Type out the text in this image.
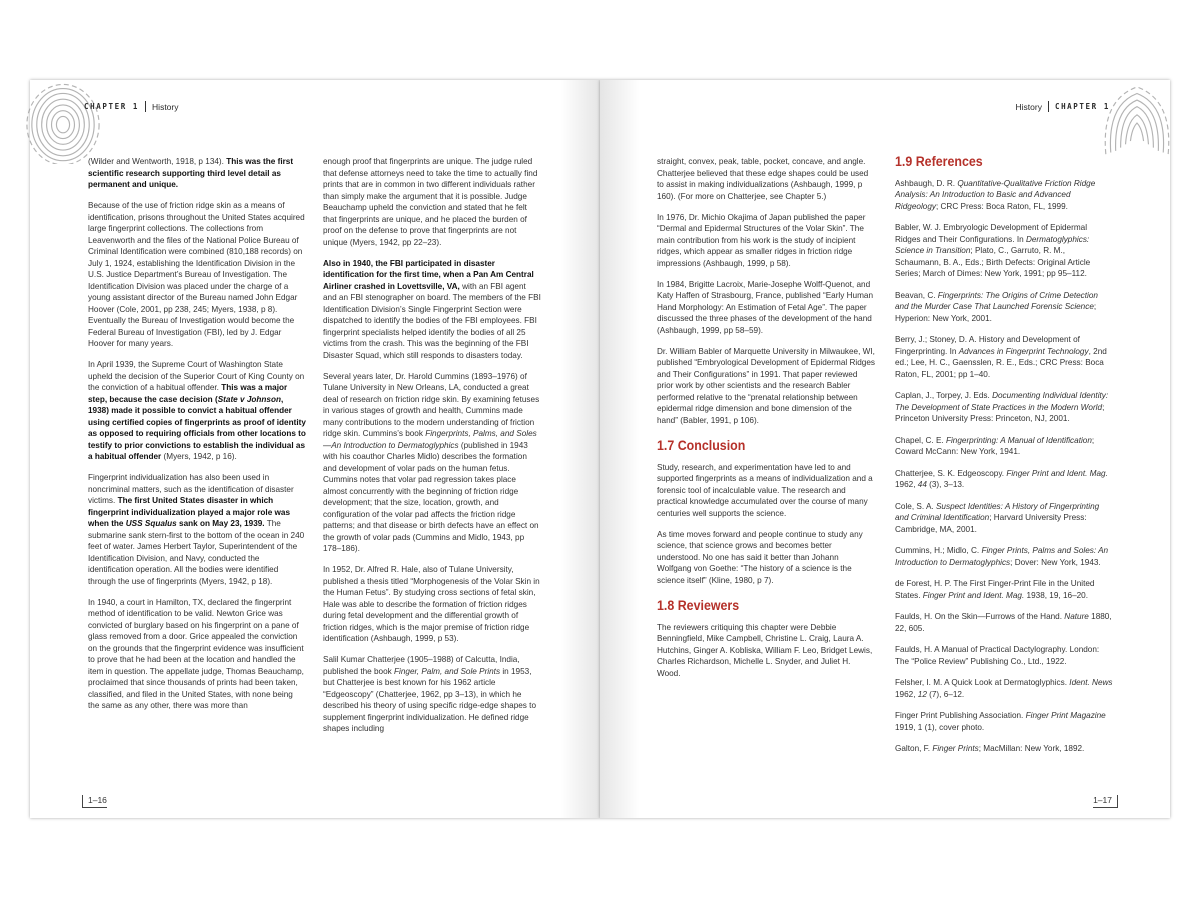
CHAPTER 1 History

(Wilder and Wentworth, 1918, p 134). This was the first scientific research supporting third level detail as permanent and unique.

Because of the use of friction ridge skin as a means of identification, prisons throughout the United States acquired large fingerprint collections. The collections from Leavenworth and the files of the National Police Bureau of Criminal Identification were combined (810,188 records) on July 1, 1924, establishing the Identification Division in the U.S. Justice Department’s Bureau of Investigation. The Identification Division was placed under the charge of a young assistant director of the Bureau named John Edgar Hoover (Cole, 2001, pp 238, 245; Myers, 1938, p 8). Eventually the Bureau of Investigation would become the Federal Bureau of Investigation (FBI), led by J. Edgar Hoover for many years.

In April 1939, the Supreme Court of Washington State upheld the decision of the Superior Court of King County on the conviction of a habitual offender. This was a major step, because the case decision (State v Johnson, 1938) made it possible to convict a habitual offender using certified copies of fingerprints as proof of identity as opposed to requiring officials from other locations to testify to prior convictions to establish the individual as a habitual offender (Myers, 1942, p 16).

Fingerprint individualization has also been used in noncriminal matters, such as the identification of disaster victims. The first United States disaster in which fingerprint individualization played a major role was when the USS Squalus sank on May 23, 1939. The submarine sank stern-first to the bottom of the ocean in 240 feet of water. James Herbert Taylor, Superintendent of the Identification Division, and Navy, conducted the identification operation. All the bodies were identified through the use of fingerprints (Myers, 1942, p 18).

In 1940, a court in Hamilton, TX, declared the fingerprint method of identification to be valid. Newton Grice was convicted of burglary based on his fingerprint on a pane of glass removed from a door. Grice appealed the conviction on the grounds that the fingerprint evidence was insufficient to prove that he had been at the location and handled the item in question. The appellate judge, Thomas Beauchamp, proclaimed that since thousands of prints had been taken, classified, and filed in the United States, with none being the same as any other, there was more than

enough proof that fingerprints are unique. The judge ruled that defense attorneys need to take the time to actually find prints that are in common in two different individuals rather than simply make the argument that it is possible. Judge Beauchamp upheld the conviction and stated that he felt that fingerprints are unique, and he placed the burden of proof on the defense to prove that fingerprints are not unique (Myers, 1942, pp 22–23).

Also in 1940, the FBI participated in disaster identification for the first time, when a Pan Am Central Airliner crashed in Lovettsville, VA, with an FBI agent and an FBI stenographer on board. The members of the FBI Identification Division’s Single Fingerprint Section were dispatched to identify the bodies of the FBI employees. FBI fingerprint specialists helped identify the bodies of all 25 victims from the crash. This was the beginning of the FBI Disaster Squad, which still responds to disasters today.

Several years later, Dr. Harold Cummins (1893–1976) of Tulane University in New Orleans, LA, conducted a great deal of research on friction ridge skin. By examining fetuses in various stages of growth and health, Cummins made many contributions to the modern understanding of friction ridge skin. Cummins’s book Fingerprints, Palms, and Soles—An Introduction to Dermatoglyphics (published in 1943 with his coauthor Charles Midlo) describes the formation and development of volar pads on the human fetus. Cummins notes that volar pad regression takes place almost concurrently with the beginning of friction ridge development; that the size, location, growth, and configuration of the volar pad affects the friction ridge patterns; and that disease or birth defects have an effect on the growth of volar pads (Cummins and Midlo, 1943, pp 178–186).

In 1952, Dr. Alfred R. Hale, also of Tulane University, published a thesis titled “Morphogenesis of the Volar Skin in the Human Fetus”. By studying cross sections of fetal skin, Hale was able to describe the formation of friction ridges during fetal development and the differential growth of friction ridges, which is the major premise of friction ridge identification (Ashbaugh, 1999, p 53).

Salil Kumar Chatterjee (1905–1988) of Calcutta, India, published the book Finger, Palm, and Sole Prints in 1953, but Chatterjee is best known for his 1962 article “Edgeoscopy” (Chatterjee, 1962, pp 3–13), in which he described his theory of using specific ridge-edge shapes to supplement fingerprint individualization. He defined ridge shapes including

1–16
History CHAPTER 1

straight, convex, peak, table, pocket, concave, and angle. Chatterjee believed that these edge shapes could be used to assist in making individualizations (Ashbaugh, 1999, p 160). (For more on Chatterjee, see Chapter 5.)

In 1976, Dr. Michio Okajima of Japan published the paper “Dermal and Epidermal Structures of the Volar Skin”. The main contribution from his work is the study of incipient ridges, which appear as smaller ridges in friction ridge impressions (Ashbaugh, 1999, p 58).

In 1984, Brigitte Lacroix, Marie-Josephe Wolff-Quenot, and Katy Haffen of Strasbourg, France, published “Early Human Hand Morphology: An Estimation of Fetal Age”. The paper discussed the three phases of the development of the hand (Ashbaugh, 1999, pp 58–59).

Dr. William Babler of Marquette University in Milwaukee, WI, published “Embryological Development of Epidermal Ridges and Their Configurations” in 1991. That paper reviewed prior work by other scientists and the research Babler performed relative to the “prenatal relationship between epidermal ridge dimension and bone dimension of the hand” (Babler, 1991, p 106).

1.7 Conclusion

Study, research, and experimentation have led to and supported fingerprints as a means of individualization and a forensic tool of incalculable value. The research and practical knowledge accumulated over the course of many centuries well supports the science.

As time moves forward and people continue to study any science, that science grows and becomes better understood. No one has said it better than Johann Wolfgang von Goethe: “The history of a science is the science itself” (Kline, 1980, p 7).

1.8 Reviewers

The reviewers critiquing this chapter were Debbie Benningfield, Mike Campbell, Christine L. Craig, Laura A. Hutchins, Ginger A. Kobliska, William F. Leo, Bridget Lewis, Charles Richardson, Michelle L. Snyder, and Juliet H. Wood.

1.9 References

Ashbaugh, D. R. Quantitative-Qualitative Friction Ridge Analysis: An Introduction to Basic and Advanced Ridgeology; CRC Press: Boca Raton, FL, 1999.

Babler, W. J. Embryologic Development of Epidermal Ridges and Their Configurations. In Dermatoglyphics: Science in Transition; Plato, C., Garruto, R. M., Schaumann, B. A., Eds.; Birth Defects: Original Article Series; March of Dimes: New York, 1991; pp 95–112.

Beavan, C. Fingerprints: The Origins of Crime Detection and the Murder Case That Launched Forensic Science; Hyperion: New York, 2001.

Berry, J.; Stoney, D. A. History and Development of Fingerprinting. In Advances in Fingerprint Technology, 2nd ed.; Lee, H. C., Gaensslen, R. E., Eds.; CRC Press: Boca Raton, FL, 2001; pp 1–40.

Caplan, J., Torpey, J. Eds. Documenting Individual Identity: The Development of State Practices in the Modern World; Princeton University Press: Princeton, NJ, 2001.

Chapel, C. E. Fingerprinting: A Manual of Identification; Coward McCann: New York, 1941.

Chatterjee, S. K. Edgeoscopy. Finger Print and Ident. Mag. 1962, 44 (3), 3–13.

Cole, S. A. Suspect Identities: A History of Fingerprinting and Criminal Identification; Harvard University Press: Cambridge, MA, 2001.

Cummins, H.; Midlo, C. Finger Prints, Palms and Soles: An Introduction to Dermatoglyphics; Dover: New York, 1943.

de Forest, H. P. The First Finger-Print File in the United States. Finger Print and Ident. Mag. 1938, 19, 16–20.

Faulds, H. On the Skin—Furrows of the Hand. Nature 1880, 22, 605.

Faulds, H. A Manual of Practical Dactylography. London: The “Police Review” Publishing Co., Ltd., 1922.

Felsher, I. M. A Quick Look at Dermatoglyphics. Ident. News 1962, 12 (7), 6–12.

Finger Print Publishing Association. Finger Print Magazine 1919, 1 (1), cover photo.

Galton, F. Finger Prints; MacMillan: New York, 1892.

1–17
